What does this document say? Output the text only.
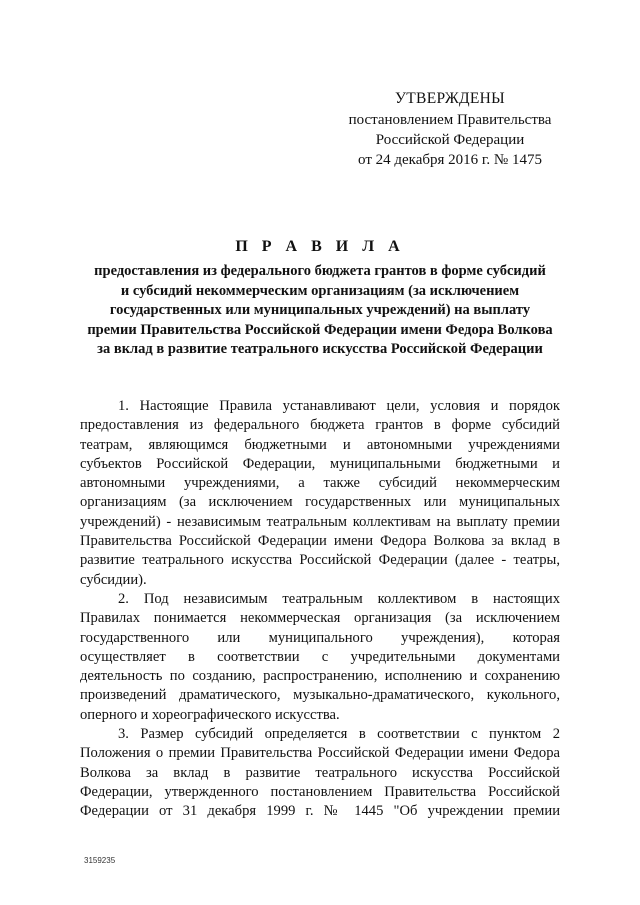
УТВЕРЖДЕНЫ
постановлением Правительства
Российской Федерации
от 24 декабря 2016 г. № 1475
П Р А В И Л А
предоставления из федерального бюджета грантов в форме субсидий
и субсидий некоммерческим организациям (за исключением
государственных или муниципальных учреждений) на выплату
премии Правительства Российской Федерации имени Федора Волкова
за вклад в развитие театрального искусства Российской Федерации
1. Настоящие Правила устанавливают цели, условия и порядок
предоставления из федерального бюджета грантов в форме субсидий
театрам, являющимся бюджетными и автономными учреждениями
субъектов Российской Федерации, муниципальными бюджетными и
автономными учреждениями, а также субсидий некоммерческим
организациям (за исключением государственных или муниципальных
учреждений) - независимым театральным коллективам на выплату премии
Правительства Российской Федерации имени Федора Волкова за вклад в
развитие театрального искусства Российской Федерации (далее - театры,
субсидии).
2. Под независимым театральным коллективом в настоящих
Правилах понимается некоммерческая организация (за исключением
государственного или муниципального учреждения), которая
осуществляет в соответствии с учредительными документами
деятельность по созданию, распространению, исполнению и сохранению
произведений драматического, музыкально-драматического, кукольного,
оперного и хореографического искусства.
3. Размер субсидий определяется в соответствии с пунктом 2
Положения о премии Правительства Российской Федерации имени Федора
Волкова за вклад в развитие театрального искусства Российской
Федерации, утвержденного постановлением Правительства Российской
Федерации от 31 декабря 1999 г. № 1445 "Об учреждении премии
3159235
